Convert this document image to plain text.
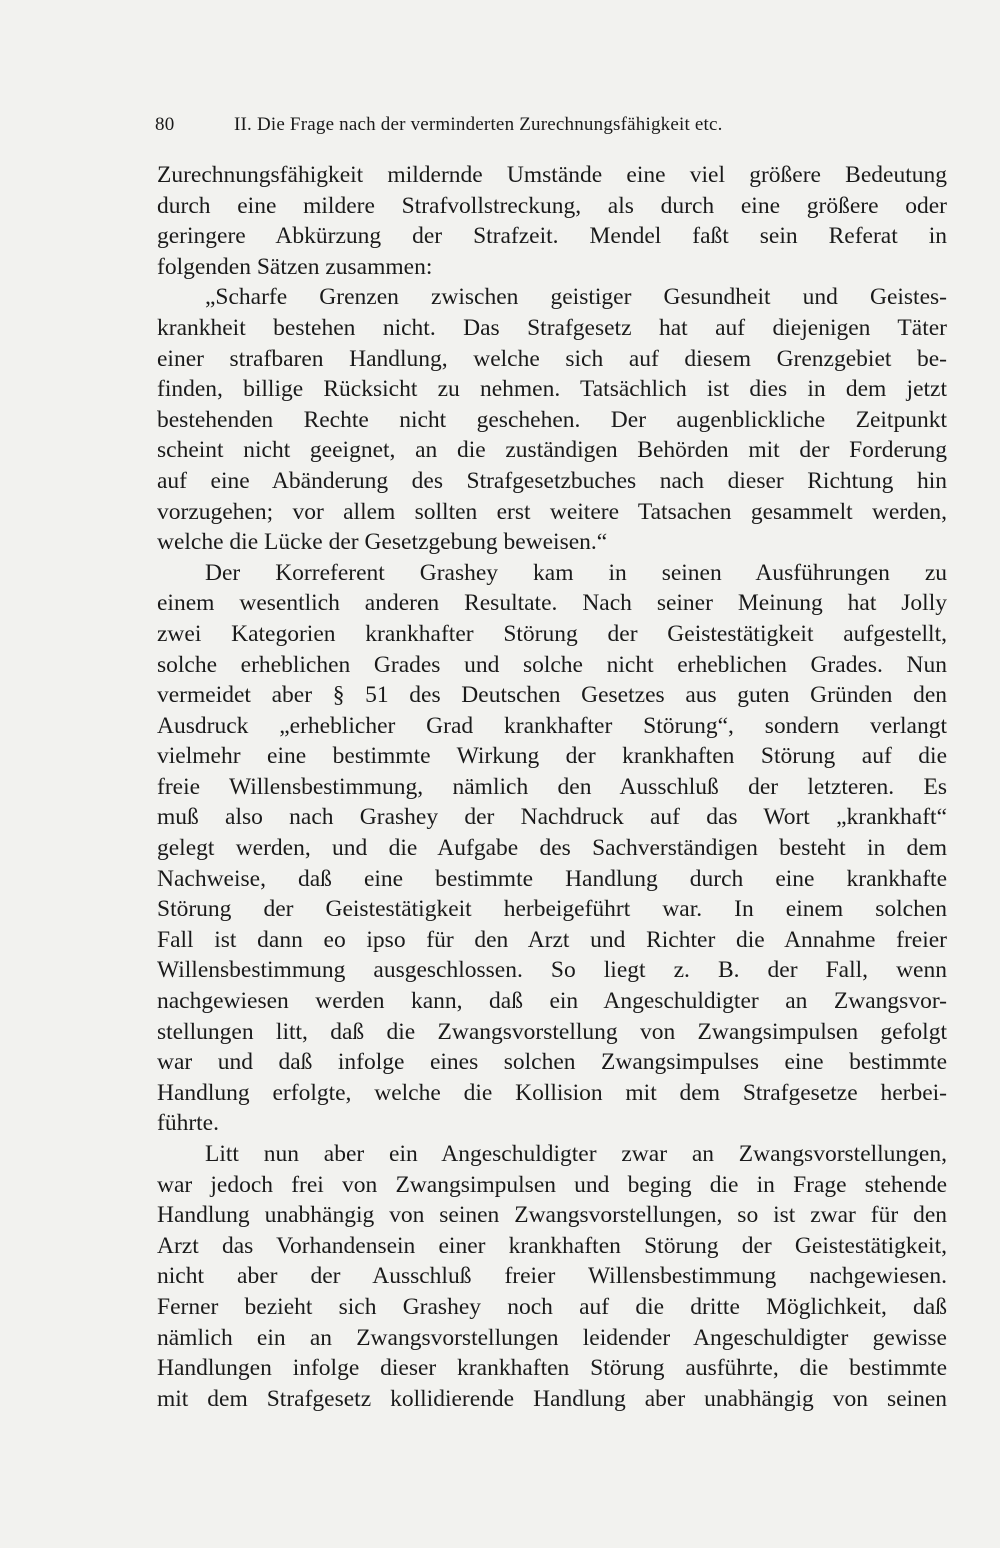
80	II. Die Frage nach der verminderten Zurechnungsfähigkeit etc.
Zurechnungsfähigkeit mildernde Umstände eine viel größere Bedeutung
durch eine mildere Strafvollstreckung, als durch eine größere oder
geringere Abkürzung der Strafzeit. Mendel faßt sein Referat in
folgenden Sätzen zusammen:
„Scharfe Grenzen zwischen geistiger Gesundheit und Geistes-
krankheit bestehen nicht. Das Strafgesetz hat auf diejenigen Täter
einer strafbaren Handlung, welche sich auf diesem Grenzgebiet be-
finden, billige Rücksicht zu nehmen. Tatsächlich ist dies in dem jetzt
bestehenden Rechte nicht geschehen. Der augenblickliche Zeitpunkt
scheint nicht geeignet, an die zuständigen Behörden mit der Forderung
auf eine Abänderung des Strafgesetzbuches nach dieser Richtung hin
vorzugehen; vor allem sollten erst weitere Tatsachen gesammelt werden,
welche die Lücke der Gesetzgebung beweisen.“
Der Korreferent Grashey kam in seinen Ausführungen zu
einem wesentlich anderen Resultate. Nach seiner Meinung hat Jolly
zwei Kategorien krankhafter Störung der Geistestätigkeit aufgestellt,
solche erheblichen Grades und solche nicht erheblichen Grades. Nun
vermeidet aber § 51 des Deutschen Gesetzes aus guten Gründen den
Ausdruck „erheblicher Grad krankhafter Störung“, sondern verlangt
vielmehr eine bestimmte Wirkung der krankhaften Störung auf die
freie Willensbestimmung, nämlich den Ausschluß der letzteren. Es
muß also nach Grashey der Nachdruck auf das Wort „krankhaft“
gelegt werden, und die Aufgabe des Sachverständigen besteht in dem
Nachweise, daß eine bestimmte Handlung durch eine krankhafte
Störung der Geistestätigkeit herbeigeführt war. In einem solchen
Fall ist dann eo ipso für den Arzt und Richter die Annahme freier
Willensbestimmung ausgeschlossen. So liegt z. B. der Fall, wenn
nachgewiesen werden kann, daß ein Angeschuldigter an Zwangsvor-
stellungen litt, daß die Zwangsvorstellung von Zwangsimpulsen gefolgt
war und daß infolge eines solchen Zwangsimpulses eine bestimmte
Handlung erfolgte, welche die Kollision mit dem Strafgesetze herbei-
führte.
Litt nun aber ein Angeschuldigter zwar an Zwangsvorstellungen,
war jedoch frei von Zwangsimpulsen und beging die in Frage stehende
Handlung unabhängig von seinen Zwangsvorstellungen, so ist zwar für den
Arzt das Vorhandensein einer krankhaften Störung der Geistestätigkeit,
nicht aber der Ausschluß freier Willensbestimmung nachgewiesen.
Ferner bezieht sich Grashey noch auf die dritte Möglichkeit, daß
nämlich ein an Zwangsvorstellungen leidender Angeschuldigter gewisse
Handlungen infolge dieser krankhaften Störung ausführte, die bestimmte
mit dem Strafgesetz kollidierende Handlung aber unabhängig von seinen
